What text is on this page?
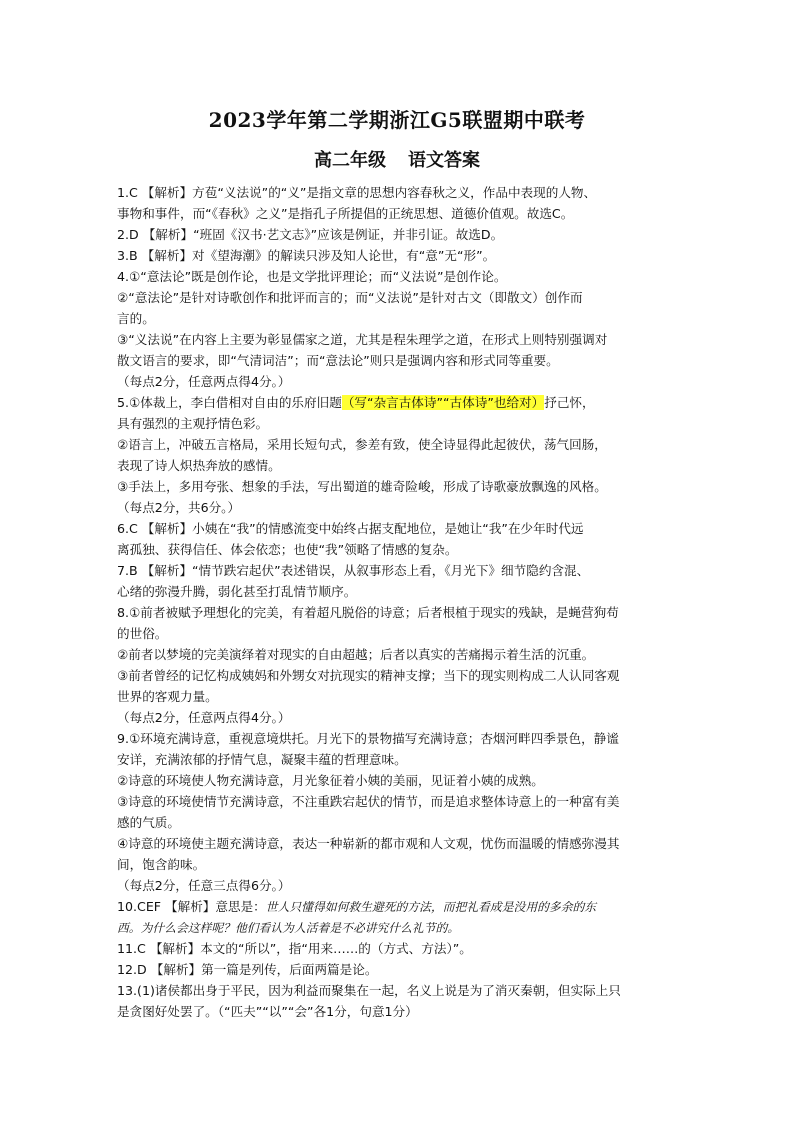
2023学年第二学期浙江G5联盟期中联考
高二年级 语文答案
1.C 【解析】方苞“义法说”的“义”是指文章的思想内容春秋之义，作品中表现的人物、
事物和事件，而“《春秋》之义”是指孔子所提倡的正统思想、道德价值观。故选C。
2.D 【解析】“班固《汉书·艺文志》”应该是例证，并非引证。故选D。
3.B 【解析】对《望海潮》的解读只涉及知人论世，有“意”无“形”。
4.①“意法论”既是创作论，也是文学批评理论；而“义法说”是创作论。
②“意法论”是针对诗歌创作和批评而言的；而“义法说”是针对古文（即散文）创作而
言的。
③“义法说”在内容上主要为彰显儒家之道，尤其是程朱理学之道，在形式上则特别强调对
散文语言的要求，即“气清词洁”；而“意法论”则只是强调内容和形式同等重要。
（每点2分，任意两点得4分。）
5.①体裁上，李白借相对自由的乐府旧题（写“杂言古体诗”“古体诗”也给对）抒己怀，
具有强烈的主观抒情色彩。
②语言上，冲破五言格局，采用长短句式，参差有致，使全诗显得此起彼伏，荡气回肠，
表现了诗人炽热奔放的感情。
③手法上，多用夸张、想象的手法，写出蜀道的雄奇险峻，形成了诗歌豪放飘逸的风格。
（每点2分，共6分。）
6.C 【解析】小姨在“我”的情感流变中始终占据支配地位，是她让“我”在少年时代远
离孤独、获得信任、体会依恋；也使“我”领略了情感的复杂。
7.B 【解析】“情节跌宕起伏”表述错误，从叙事形态上看，《月光下》细节隐约含混、
心绪的弥漫升腾，弱化甚至打乱情节顺序。
8.①前者被赋予理想化的完美，有着超凡脱俗的诗意；后者根植于现实的残缺，是蝇营狗苟
的世俗。
②前者以梦境的完美演绎着对现实的自由超越；后者以真实的苦痛揭示着生活的沉重。
③前者曾经的记忆构成姨妈和外甥女对抗现实的精神支撑；当下的现实则构成二人认同客观
世界的客观力量。
（每点2分，任意两点得4分。）
9.①环境充满诗意，重视意境烘托。月光下的景物描写充满诗意；杏烟河畔四季景色，静谧
安详，充满浓郁的抒情气息，凝聚丰蕴的哲理意味。
②诗意的环境使人物充满诗意，月光象征着小姨的美丽，见证着小姨的成熟。
③诗意的环境使情节充满诗意，不注重跌宕起伏的情节，而是追求整体诗意上的一种富有美
感的气质。
④诗意的环境使主题充满诗意，表达一种崭新的都市观和人文观，忧伤而温暖的情感弥漫其
间，饱含韵味。
（每点2分，任意三点得6分。）
10.CEF 【解析】意思是：世人只懂得如何救生避死的方法，而把礼看成是没用的多余的东
西。为什么会这样呢？他们看认为人活着是不必讲究什么礼节的。
11.C 【解析】本文的“所以”，指“用来……的（方式、方法）”。
12.D 【解析】第一篇是列传，后面两篇是论。
13.(1)诸侯都出身于平民，因为利益而聚集在一起，名义上说是为了消灭秦朝，但实际上只
是贪图好处罢了。（“匹夫”“以”“会”各1分，句意1分）
